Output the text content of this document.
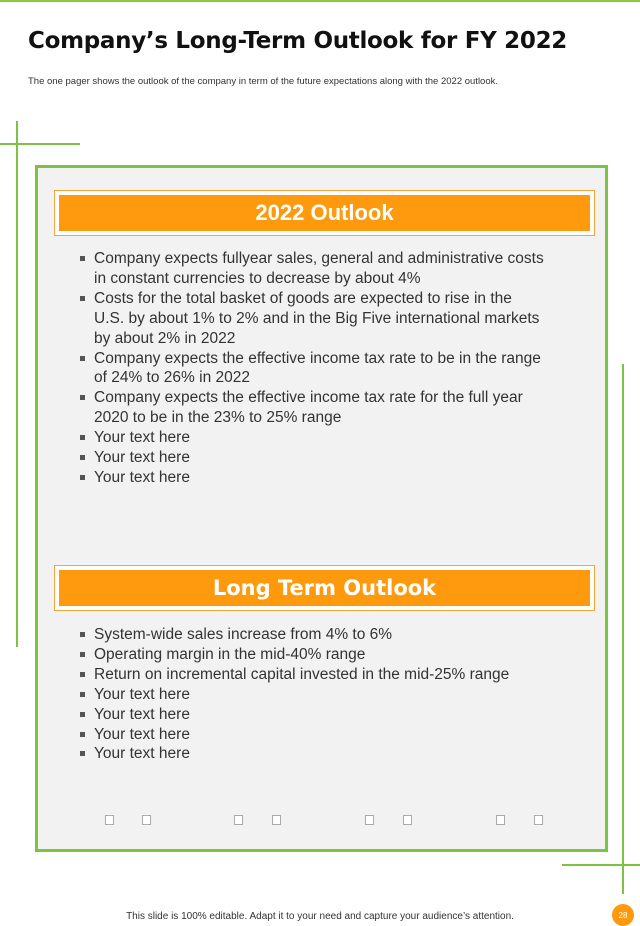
Company’s Long-Term Outlook for FY 2022
The one pager shows the outlook of the company in term of the future expectations along with the 2022 outlook.
2022 Outlook
Company expects fullyear sales, general and administrative costs in constant currencies to decrease by about 4%
Costs for the total basket of goods are expected to rise in the U.S. by about 1% to 2% and in the Big Five international markets by about 2% in 2022
Company expects the effective income tax rate to be in the range of 24% to 26% in 2022
Company expects the effective income tax rate for the full year 2020 to be in the 23% to 25% range
Your text here
Your text here
Your text here
Long Term Outlook
System-wide sales increase from 4% to 6%
Operating margin in the mid-40% range
Return on incremental capital invested in the mid-25% range
Your text here
Your text here
Your text here
Your text here
This slide is 100% editable. Adapt it to your need and capture your audience’s attention.	28
